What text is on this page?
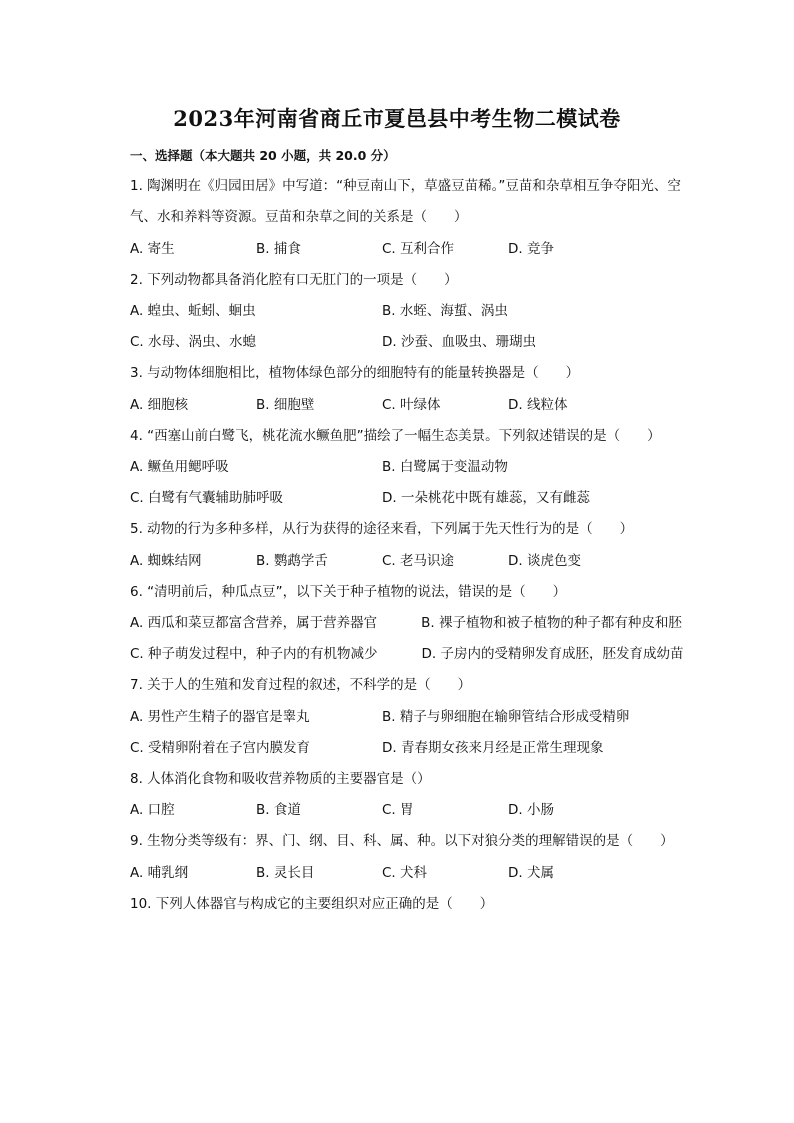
2023年河南省商丘市夏邑县中考生物二模试卷
一、选择题（本大题共 20 小题，共 20.0 分）
1. 陶渊明在《归园田居》中写道：“种豆南山下，草盛豆苗稀。”豆苗和杂草相互争夺阳光、空气、水和养料等资源。豆苗和杂草之间的关系是（　　）
A. 寄生	B. 捕食	C. 互利合作	D. 竞争
2. 下列动物都具备消化腔有口无肛门的一项是（　　）
A. 蝗虫、蚯蚓、蛔虫	B. 水蛭、海蜇、涡虫
C. 水母、涡虫、水螅	D. 沙蚕、血吸虫、珊瑚虫
3. 与动物体细胞相比，植物体绿色部分的细胞特有的能量转换器是（　　）
A. 细胞核	B. 细胞壁	C. 叶绿体	D. 线粒体
4. “西塞山前白鹭飞，桃花流水鳜鱼肥”描绘了一幅生态美景。下列叙述错误的是（　　）
A. 鳜鱼用鳃呼吸	B. 白鹭属于变温动物
C. 白鹭有气囊辅助肺呼吸	D. 一朵桃花中既有雄蕊，又有雌蕊
5. 动物的行为多种多样，从行为获得的途径来看，下列属于先天性行为的是（　　）
A. 蜘蛛结网	B. 鹦鹉学舌	C. 老马识途	D. 谈虎色变
6. “清明前后，种瓜点豆”，以下关于种子植物的说法，错误的是（　　）
A. 西瓜和菜豆都富含营养，属于营养器官	B. 裸子植物和被子植物的种子都有种皮和胚
C. 种子萌发过程中，种子内的有机物减少	D. 子房内的受精卵发育成胚，胚发育成幼苗
7. 关于人的生殖和发育过程的叙述，不科学的是（　　）
A. 男性产生精子的器官是睾丸	B. 精子与卵细胞在输卵管结合形成受精卵
C. 受精卵附着在子宫内膜发育	D. 青春期女孩来月经是正常生理现象
8. 人体消化食物和吸收营养物质的主要器官是（）
A. 口腔	B. 食道	C. 胃	D. 小肠
9. 生物分类等级有：界、门、纲、目、科、属、种。以下对狼分类的理解错误的是（　　）
A. 哺乳纲	B. 灵长目	C. 犬科	D. 犬属
10. 下列人体器官与构成它的主要组织对应正确的是（　　）
